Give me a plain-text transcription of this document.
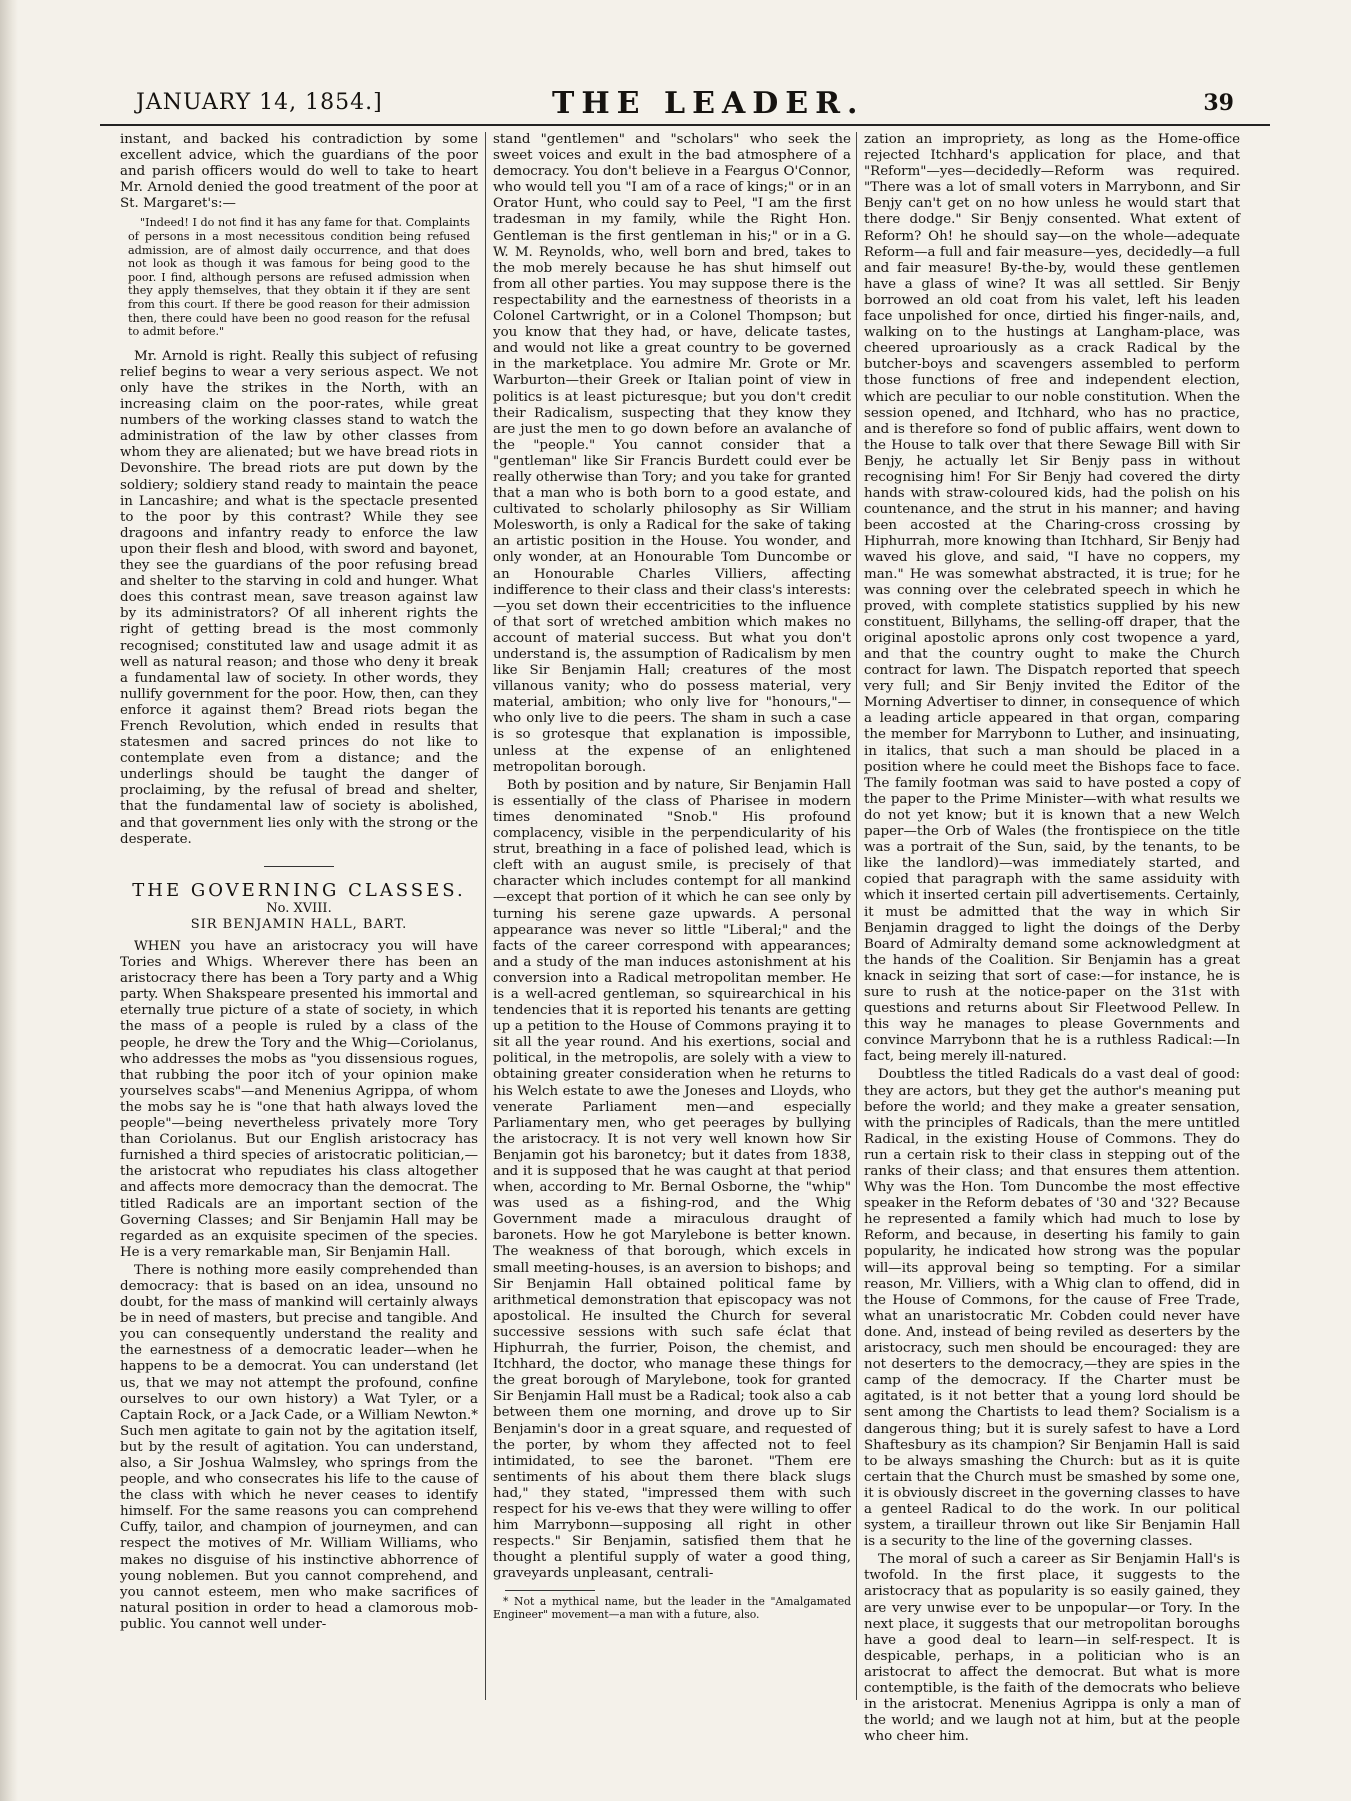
JANUARY 14, 1854.]	THE LEADER.	39

instant, and backed his contradiction by some excellent advice, which the guardians of the poor and parish officers would do well to take to heart Mr. Arnold denied the good treatment of the poor at St. Margaret's:—

"Indeed! I do not find it has any fame for that. Complaints of persons in a most necessitous condition being refused admission, are of almost daily occurrence, and that does not look as though it was famous for being good to the poor. I find, although persons are refused admission when they apply themselves, that they obtain it if they are sent from this court. If there be good reason for their admission then, there could have been no good reason for the refusal to admit before."

Mr. Arnold is right. Really this subject of refusing relief begins to wear a very serious aspect. We not only have the strikes in the North, with an increasing claim on the poor-rates, while great numbers of the working classes stand to watch the administration of the law by other classes from whom they are alienated; but we have bread riots in Devonshire. The bread riots are put down by the soldiery; soldiery stand ready to maintain the peace in Lancashire; and what is the spectacle presented to the poor by this contrast? While they see dragoons and infantry ready to enforce the law upon their flesh and blood, with sword and bayonet, they see the guardians of the poor refusing bread and shelter to the starving in cold and hunger. What does this contrast mean, save treason against law by its administrators? Of all inherent rights the right of getting bread is the most commonly recognised; constituted law and usage admit it as well as natural reason; and those who deny it break a fundamental law of society. In other words, they nullify government for the poor. How, then, can they enforce it against them? Bread riots began the French Revolution, which ended in results that statesmen and sacred princes do not like to contemplate even from a distance; and the underlings should be taught the danger of proclaiming, by the refusal of bread and shelter, that the fundamental law of society is abolished, and that government lies only with the strong or the desperate.

THE GOVERNING CLASSES.
No. XVIII.
SIR BENJAMIN HALL, BART.

WHEN you have an aristocracy you will have Tories and Whigs. Wherever there has been an aristocracy there has been a Tory party and a Whig party. When Shakspeare presented his immortal and eternally true picture of a state of society, in which the mass of a people is ruled by a class of the people, he drew the Tory and the Whig—Coriolanus, who addresses the mobs as "you dissensious rogues, that rubbing the poor itch of your opinion make yourselves scabs"—and Menenius Agrippa, of whom the mobs say he is "one that hath always loved the people"—being nevertheless privately more Tory than Coriolanus. But our English aristocracy has furnished a third species of aristocratic politician,—the aristocrat who repudiates his class altogether and affects more democracy than the democrat. The titled Radicals are an important section of the Governing Classes; and Sir Benjamin Hall may be regarded as an exquisite specimen of the species. He is a very remarkable man, Sir Benjamin Hall.

There is nothing more easily comprehended than democracy: that is based on an idea, unsound no doubt, for the mass of mankind will certainly always be in need of masters, but precise and tangible. And you can consequently understand the reality and the earnestness of a democratic leader—when he happens to be a democrat. You can understand (let us, that we may not attempt the profound, confine ourselves to our own history) a Wat Tyler, or a Captain Rock, or a Jack Cade, or a William Newton.* Such men agitate to gain not by the agitation itself, but by the result of agitation. You can understand, also, a Sir Joshua Walmsley, who springs from the people, and who consecrates his life to the cause of the class with which he never ceases to identify himself. For the same reasons you can comprehend Cuffy, tailor, and champion of journeymen, and can respect the motives of Mr. William Williams, who makes no disguise of his instinctive abhorrence of young noblemen. But you cannot comprehend, and you cannot esteem, men who make sacrifices of natural position in order to head a clamorous mob-public. You cannot well under-

stand "gentlemen" and "scholars" who seek the sweet voices and exult in the bad atmosphere of a democracy. You don't believe in a Feargus O'Connor, who would tell you "I am of a race of kings;" or in an Orator Hunt, who could say to Peel, "I am the first tradesman in my family, while the Right Hon. Gentleman is the first gentleman in his;" or in a G. W. M. Reynolds, who, well born and bred, takes to the mob merely because he has shut himself out from all other parties. You may suppose there is the respectability and the earnestness of theorists in a Colonel Cartwright, or in a Colonel Thompson; but you know that they had, or have, delicate tastes, and would not like a great country to be governed in the marketplace. You admire Mr. Grote or Mr. Warburton—their Greek or Italian point of view in politics is at least picturesque; but you don't credit their Radicalism, suspecting that they know they are just the men to go down before an avalanche of the "people." You cannot consider that a "gentleman" like Sir Francis Burdett could ever be really otherwise than Tory; and you take for granted that a man who is both born to a good estate, and cultivated to scholarly philosophy as Sir William Molesworth, is only a Radical for the sake of taking an artistic position in the House. You wonder, and only wonder, at an Honourable Tom Duncombe or an Honourable Charles Villiers, affecting indifference to their class and their class's interests:—you set down their eccentricities to the influence of that sort of wretched ambition which makes no account of material success. But what you don't understand is, the assumption of Radicalism by men like Sir Benjamin Hall; creatures of the most villanous vanity; who do possess material, very material, ambition; who only live for "honours,"—who only live to die peers. The sham in such a case is so grotesque that explanation is impossible, unless at the expense of an enlightened metropolitan borough.

Both by position and by nature, Sir Benjamin Hall is essentially of the class of Pharisee in modern times denominated "Snob." His profound complacency, visible in the perpendicularity of his strut, breathing in a face of polished lead, which is cleft with an august smile, is precisely of that character which includes contempt for all mankind—except that portion of it which he can see only by turning his serene gaze upwards. A personal appearance was never so little "Liberal;" and the facts of the career correspond with appearances; and a study of the man induces astonishment at his conversion into a Radical metropolitan member. He is a well-acred gentleman, so squirearchical in his tendencies that it is reported his tenants are getting up a petition to the House of Commons praying it to sit all the year round. And his exertions, social and political, in the metropolis, are solely with a view to obtaining greater consideration when he returns to his Welch estate to awe the Joneses and Lloyds, who venerate Parliament men—and especially Parliamentary men, who get peerages by bullying the aristocracy. It is not very well known how Sir Benjamin got his baronetcy; but it dates from 1838, and it is supposed that he was caught at that period when, according to Mr. Bernal Osborne, the "whip" was used as a fishing-rod, and the Whig Government made a miraculous draught of baronets. How he got Marylebone is better known. The weakness of that borough, which excels in small meeting-houses, is an aversion to bishops; and Sir Benjamin Hall obtained political fame by arithmetical demonstration that episcopacy was not apostolical. He insulted the Church for several successive sessions with such safe éclat that Hiphurrah, the furrier, Poison, the chemist, and Itchhard, the doctor, who manage these things for the great borough of Marylebone, took for granted Sir Benjamin Hall must be a Radical; took also a cab between them one morning, and drove up to Sir Benjamin's door in a great square, and requested of the porter, by whom they affected not to feel intimidated, to see the baronet. "Them ere sentiments of his about them there black slugs had," they stated, "impressed them with such respect for his ve-ews that they were willing to offer him Marrybonn—supposing all right in other respects." Sir Benjamin, satisfied them that he thought a plentiful supply of water a good thing, graveyards unpleasant, centrali-

* Not a mythical name, but the leader in the "Amalgamated Engineer" movement—a man with a future, also.

zation an impropriety, as long as the Home-office rejected Itchhard's application for place, and that "Reform"—yes—decidedly—Reform was required. "There was a lot of small voters in Marrybonn, and Sir Benjy can't get on no how unless he would start that there dodge." Sir Benjy consented. What extent of Reform? Oh! he should say—on the whole—adequate Reform—a full and fair measure—yes, decidedly—a full and fair measure! By-the-by, would these gentlemen have a glass of wine? It was all settled. Sir Benjy borrowed an old coat from his valet, left his leaden face unpolished for once, dirtied his finger-nails, and, walking on to the hustings at Langham-place, was cheered uproariously as a crack Radical by the butcher-boys and scavengers assembled to perform those functions of free and independent election, which are peculiar to our noble constitution. When the session opened, and Itchhard, who has no practice, and is therefore so fond of public affairs, went down to the House to talk over that there Sewage Bill with Sir Benjy, he actually let Sir Benjy pass in without recognising him! For Sir Benjy had covered the dirty hands with straw-coloured kids, had the polish on his countenance, and the strut in his manner; and having been accosted at the Charing-cross crossing by Hiphurrah, more knowing than Itchhard, Sir Benjy had waved his glove, and said, "I have no coppers, my man." He was somewhat abstracted, it is true; for he was conning over the celebrated speech in which he proved, with complete statistics supplied by his new constituent, Billyhams, the selling-off draper, that the original apostolic aprons only cost twopence a yard, and that the country ought to make the Church contract for lawn. The Dispatch reported that speech very full; and Sir Benjy invited the Editor of the Morning Advertiser to dinner, in consequence of which a leading article appeared in that organ, comparing the member for Marrybonn to Luther, and insinuating, in italics, that such a man should be placed in a position where he could meet the Bishops face to face. The family footman was said to have posted a copy of the paper to the Prime Minister—with what results we do not yet know; but it is known that a new Welch paper—the Orb of Wales (the frontispiece on the title was a portrait of the Sun, said, by the tenants, to be like the landlord)—was immediately started, and copied that paragraph with the same assiduity with which it inserted certain pill advertisements. Certainly, it must be admitted that the way in which Sir Benjamin dragged to light the doings of the Derby Board of Admiralty demand some acknowledgment at the hands of the Coalition. Sir Benjamin has a great knack in seizing that sort of case:—for instance, he is sure to rush at the notice-paper on the 31st with questions and returns about Sir Fleetwood Pellew. In this way he manages to please Governments and convince Marrybonn that he is a ruthless Radical:—In fact, being merely ill-natured.

Doubtless the titled Radicals do a vast deal of good: they are actors, but they get the author's meaning put before the world; and they make a greater sensation, with the principles of Radicals, than the mere untitled Radical, in the existing House of Commons. They do run a certain risk to their class in stepping out of the ranks of their class; and that ensures them attention. Why was the Hon. Tom Duncombe the most effective speaker in the Reform debates of '30 and '32? Because he represented a family which had much to lose by Reform, and because, in deserting his family to gain popularity, he indicated how strong was the popular will—its approval being so tempting. For a similar reason, Mr. Villiers, with a Whig clan to offend, did in the House of Commons, for the cause of Free Trade, what an unaristocratic Mr. Cobden could never have done. And, instead of being reviled as deserters by the aristocracy, such men should be encouraged: they are not deserters to the democracy,—they are spies in the camp of the democracy. If the Charter must be agitated, is it not better that a young lord should be sent among the Chartists to lead them? Socialism is a dangerous thing; but it is surely safest to have a Lord Shaftesbury as its champion? Sir Benjamin Hall is said to be always smashing the Church: but as it is quite certain that the Church must be smashed by some one, it is obviously discreet in the governing classes to have a genteel Radical to do the work. In our political system, a tirailleur thrown out like Sir Benjamin Hall is a security to the line of the governing classes.

The moral of such a career as Sir Benjamin Hall's is twofold. In the first place, it suggests to the aristocracy that as popularity is so easily gained, they are very unwise ever to be unpopular—or Tory. In the next place, it suggests that our metropolitan boroughs have a good deal to learn—in self-respect. It is despicable, perhaps, in a politician who is an aristocrat to affect the democrat. But what is more contemptible, is the faith of the democrats who believe in the aristocrat. Menenius Agrippa is only a man of the world; and we laugh not at him, but at the people who cheer him.
